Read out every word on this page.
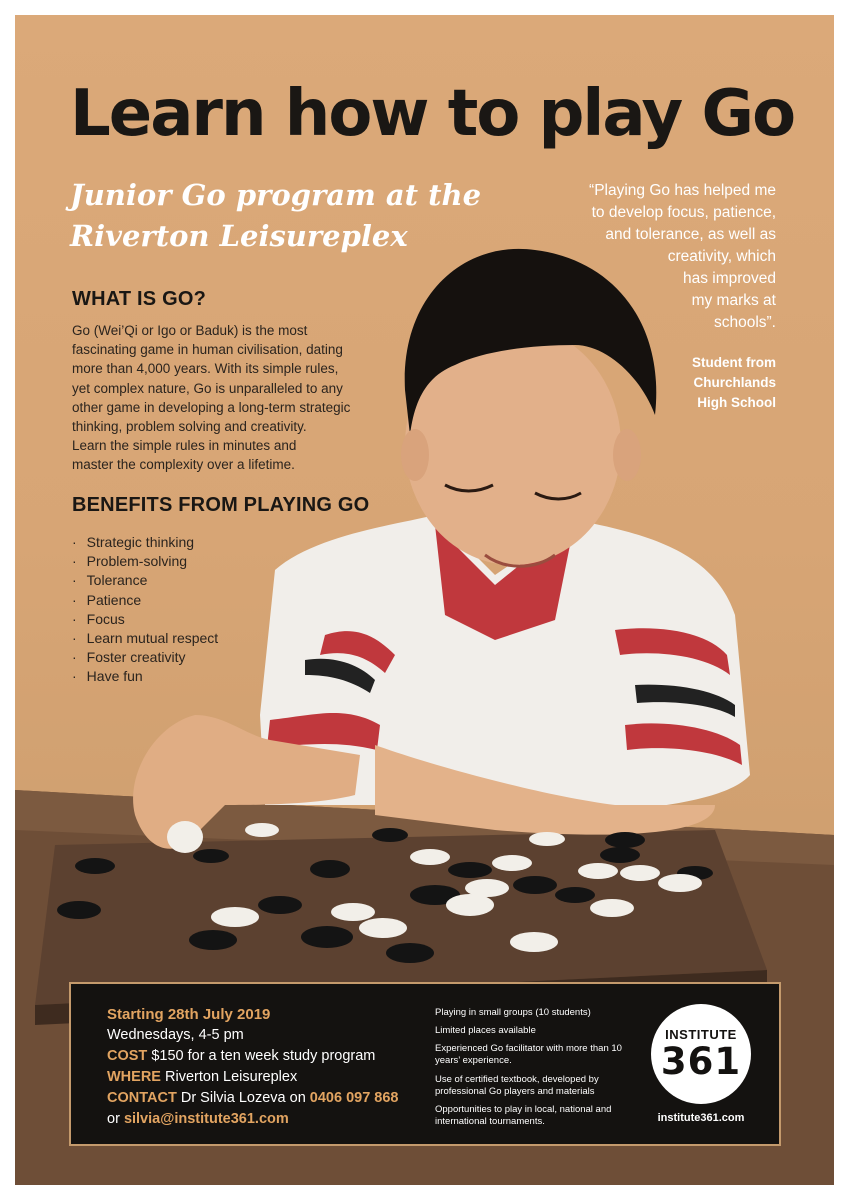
Learn how to play Go
Junior Go program at the Riverton Leisureplex
“Playing Go has helped me
to develop focus, patience,
and tolerance, as well as
creativity, which
has improved
my marks at
schools”.
Student from
Churchlands
High School
WHAT IS GO?
Go (Wei’Qi or Igo or Baduk) is the most
fascinating game in human civilisation, dating
more than 4,000 years. With its simple rules,
yet complex nature, Go is unparalleled to any
other game in developing a long-term strategic
thinking, problem solving and creativity.
Learn the simple rules in minutes and
master the complexity over a lifetime.
BENEFITS FROM PLAYING GO
· Strategic thinking
· Problem-solving
· Tolerance
· Patience
· Focus
· Learn mutual respect
· Foster creativity
· Have fun
Starting 28th July 2019
Wednesdays, 4-5 pm
COST $150 for a ten week study program
WHERE Riverton Leisureplex
CONTACT Dr Silvia Lozeva on 0406 097 868
or silvia@institute361.com

Playing in small groups (10 students)

Limited places available

Experienced Go facilitator with more than 10 years’ experience.

Use of certified textbook, developed by professional Go players and materials

Opportunities to play in local, national and international tournaments.

INSTITUTE
361
institute361.com
